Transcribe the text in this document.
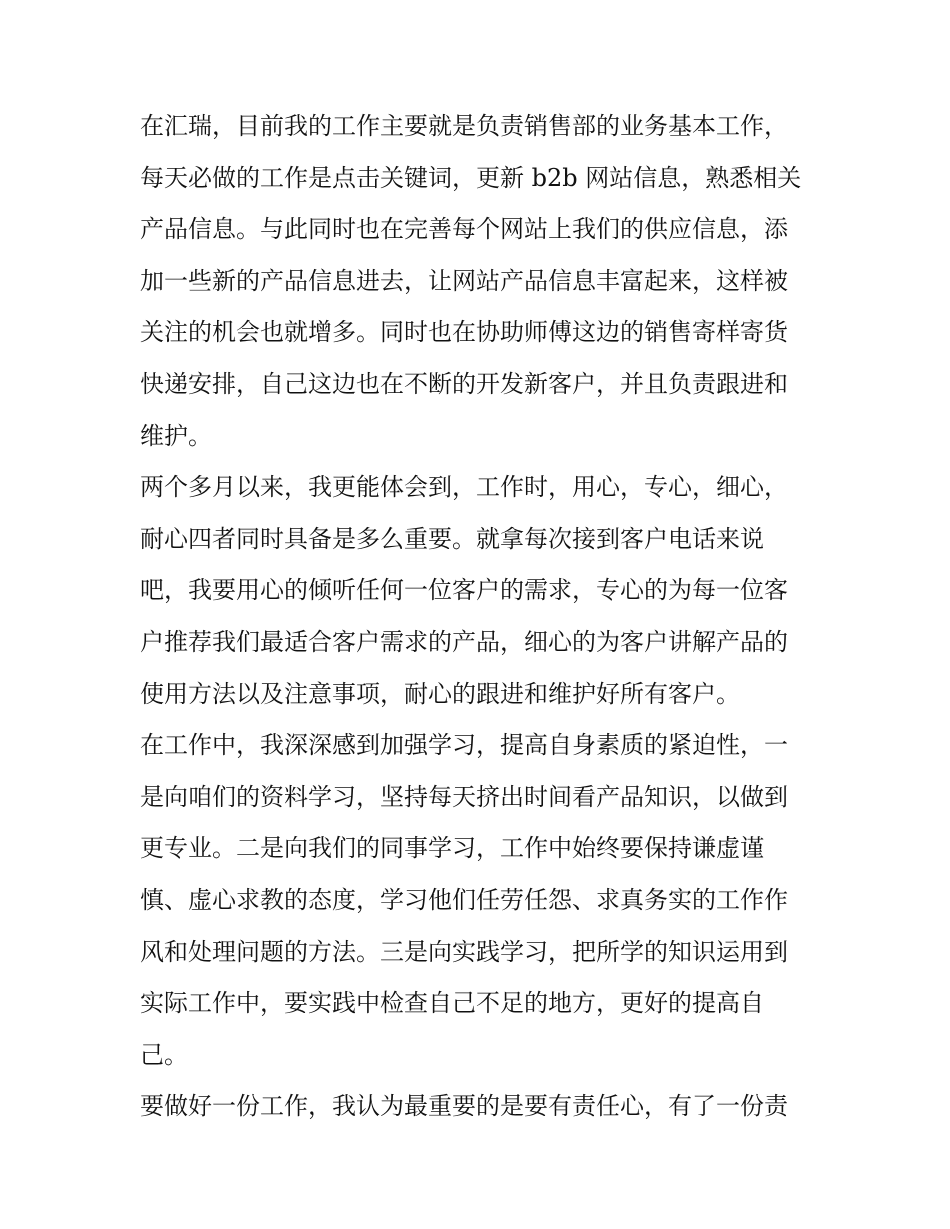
在汇瑞，目前我的工作主要就是负责销售部的业务基本工作，
每天必做的工作是点击关键词，更新 b2b 网站信息，熟悉相关
产品信息。与此同时也在完善每个网站上我们的供应信息，添
加一些新的产品信息进去，让网站产品信息丰富起来，这样被
关注的机会也就增多。同时也在协助师傅这边的销售寄样寄货
快递安排，自己这边也在不断的开发新客户，并且负责跟进和
维护。
两个多月以来，我更能体会到，工作时，用心，专心，细心，
耐心四者同时具备是多么重要。就拿每次接到客户电话来说
吧，我要用心的倾听任何一位客户的需求，专心的为每一位客
户推荐我们最适合客户需求的产品，细心的为客户讲解产品的
使用方法以及注意事项，耐心的跟进和维护好所有客户。
在工作中，我深深感到加强学习，提高自身素质的紧迫性，一
是向咱们的资料学习，坚持每天挤出时间看产品知识，以做到
更专业。二是向我们的同事学习，工作中始终要保持谦虚谨
慎、虚心求教的态度，学习他们任劳任怨、求真务实的工作作
风和处理问题的方法。三是向实践学习，把所学的知识运用到
实际工作中，要实践中检查自己不足的地方，更好的提高自
己。
要做好一份工作，我认为最重要的是要有责任心，有了一份责
